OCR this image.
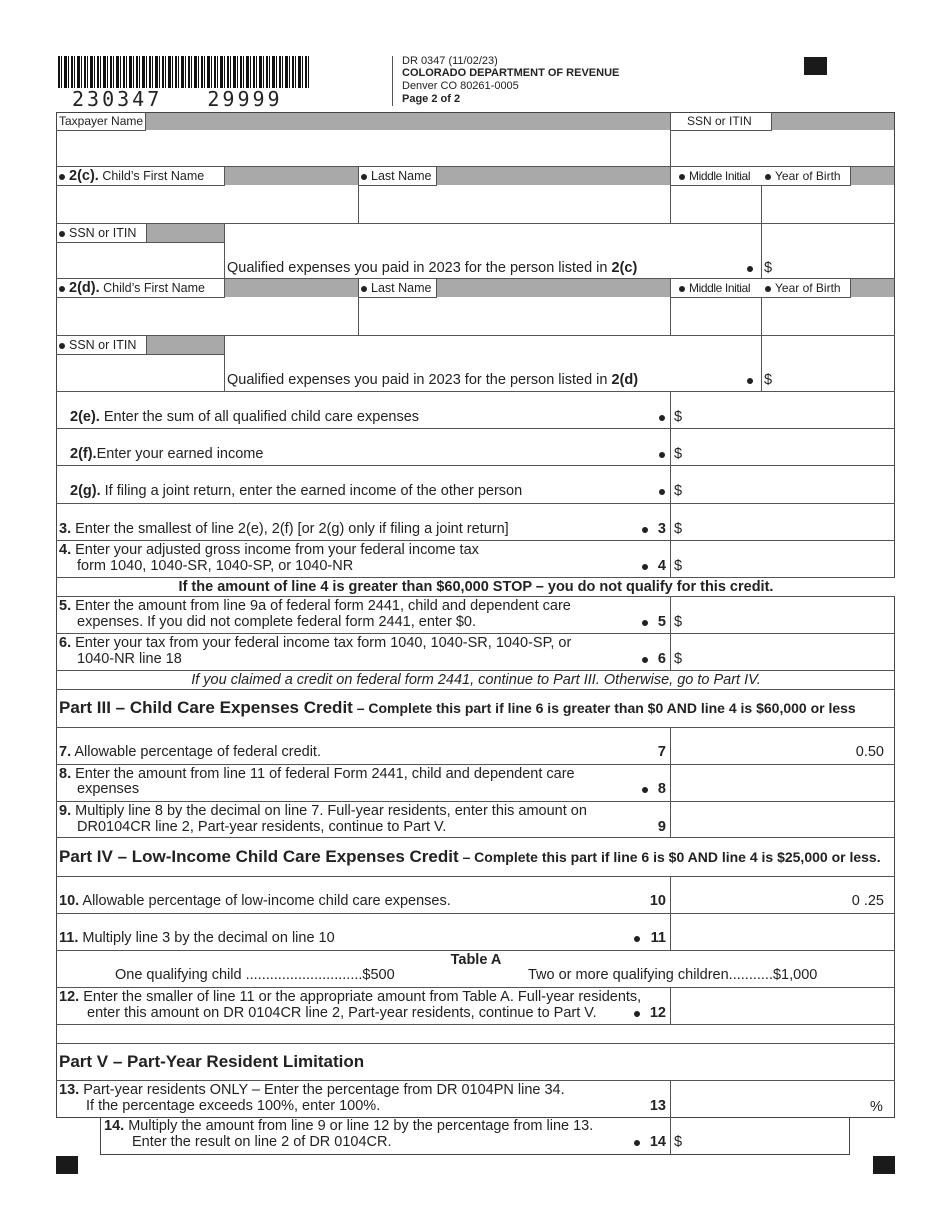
230347   29999
DR 0347 (11/02/23)
COLORADO DEPARTMENT OF REVENUE
Denver CO 80261-0005
Page 2 of 2
Taxpayer Name	SSN or ITIN
2(c). Child’s First Name	Last Name	Middle Initial	Year of Birth
SSN or ITIN
Qualified expenses you paid in 2023 for the person listed in 2(c)	$
2(d). Child’s First Name	Last Name	Middle Initial	Year of Birth
SSN or ITIN
Qualified expenses you paid in 2023 for the person listed in 2(d)	$
2(e). Enter the sum of all qualified child care expenses	$
2(f).Enter your earned income	$
2(g). If filing a joint return, enter the earned income of the other person	$
3. Enter the smallest of line 2(e), 2(f) [or 2(g) only if filing a joint return]	3 $
4. Enter your adjusted gross income from your federal income tax
form 1040, 1040-SR, 1040-SP, or 1040-NR	4 $
If the amount of line 4 is greater than $60,000 STOP – you do not qualify for this credit.
5. Enter the amount from line 9a of federal form 2441, child and dependent care
expenses. If you did not complete federal form 2441, enter $0.	5 $
6. Enter your tax from your federal income tax form 1040, 1040-SR, 1040-SP, or
1040-NR line 18	6 $
If you claimed a credit on federal form 2441, continue to Part III. Otherwise, go to Part IV.
Part III – Child Care Expenses Credit – Complete this part if line 6 is greater than $0 AND line 4 is $60,000 or less
7. Allowable percentage of federal credit.	7	0.50
8. Enter the amount from line 11 of federal Form 2441, child and dependent care
expenses	8
9. Multiply line 8 by the decimal on line 7. Full-year residents, enter this amount on
DR0104CR line 2, Part-year residents, continue to Part V.	9
Part IV – Low-Income Child Care Expenses Credit – Complete this part if line 6 is $0 AND line 4 is $25,000 or less.
10. Allowable percentage of low-income child care expenses.	10	0 .25
11. Multiply line 3 by the decimal on line 10	11
Table A
One qualifying child .............................$500	Two or more qualifying children...........$1,000
12. Enter the smaller of line 11 or the appropriate amount from Table A. Full-year residents,
enter this amount on DR 0104CR line 2, Part-year residents, continue to Part V.	12
Part V – Part-Year Resident Limitation
13. Part-year residents ONLY – Enter the percentage from DR 0104PN line 34.
If the percentage exceeds 100%, enter 100%.	13	%
14. Multiply the amount from line 9 or line 12 by the percentage from line 13.
Enter the result on line 2 of DR 0104CR.	14 $
